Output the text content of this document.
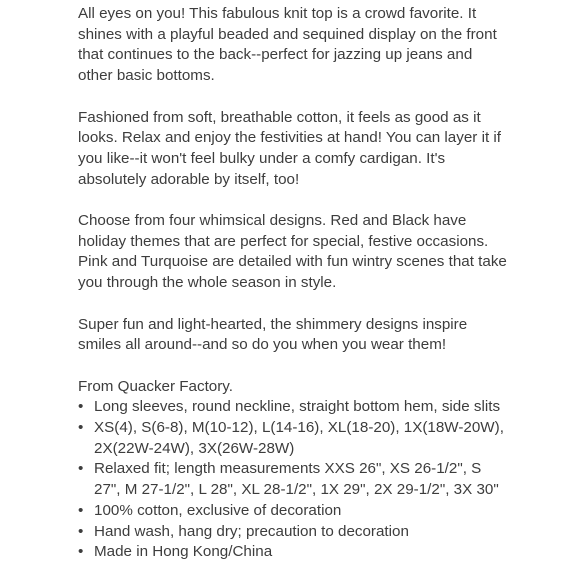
All eyes on you! This fabulous knit top is a crowd favorite. It shines with a playful beaded and sequined display on the front that continues to the back--perfect for jazzing up jeans and other basic bottoms.

Fashioned from soft, breathable cotton, it feels as good as it looks. Relax and enjoy the festivities at hand! You can layer it if you like--it won't feel bulky under a comfy cardigan. It's absolutely adorable by itself, too!

Choose from four whimsical designs. Red and Black have holiday themes that are perfect for special, festive occasions. Pink and Turquoise are detailed with fun wintry scenes that take you through the whole season in style.

Super fun and light-hearted, the shimmery designs inspire smiles all around--and so do you when you wear them!

From Quacker Factory.

• Long sleeves, round neckline, straight bottom hem, side slits
• XS(4), S(6-8), M(10-12), L(14-16), XL(18-20), 1X(18W-20W), 2X(22W-24W), 3X(26W-28W)
• Relaxed fit; length measurements XXS 26", XS 26-1/2", S 27", M 27-1/2", L 28", XL 28-1/2", 1X 29", 2X 29-1/2", 3X 30"
• 100% cotton, exclusive of decoration
• Hand wash, hang dry; precaution to decoration
• Made in Hong Kong/China
